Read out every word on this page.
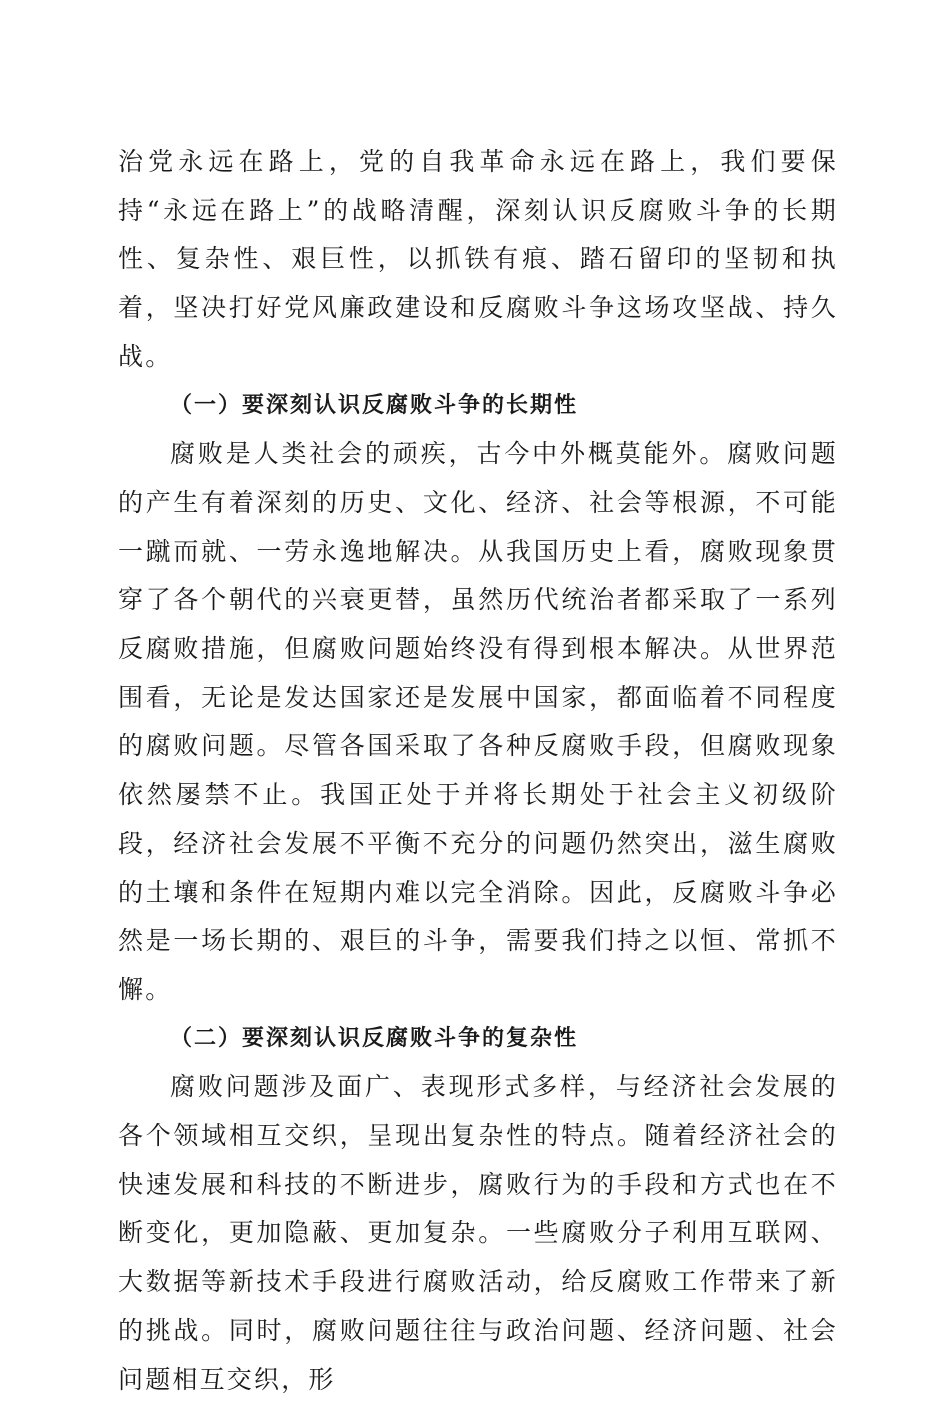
治党永远在路上，党的自我革命永远在路上，我们要保持“永远在路上”的战略清醒，深刻认识反腐败斗争的长期性、复杂性、艰巨性，以抓铁有痕、踏石留印的坚韧和执着，坚决打好党风廉政建设和反腐败斗争这场攻坚战、持久战。

（一）要深刻认识反腐败斗争的长期性

腐败是人类社会的顽疾，古今中外概莫能外。腐败问题的产生有着深刻的历史、文化、经济、社会等根源，不可能一蹴而就、一劳永逸地解决。从我国历史上看，腐败现象贯穿了各个朝代的兴衰更替，虽然历代统治者都采取了一系列反腐败措施，但腐败问题始终没有得到根本解决。从世界范围看，无论是发达国家还是发展中国家，都面临着不同程度的腐败问题。尽管各国采取了各种反腐败手段，但腐败现象依然屡禁不止。我国正处于并将长期处于社会主义初级阶段，经济社会发展不平衡不充分的问题仍然突出，滋生腐败的土壤和条件在短期内难以完全消除。因此，反腐败斗争必然是一场长期的、艰巨的斗争，需要我们持之以恒、常抓不懈。

（二）要深刻认识反腐败斗争的复杂性

腐败问题涉及面广、表现形式多样，与经济社会发展的各个领域相互交织，呈现出复杂性的特点。随着经济社会的快速发展和科技的不断进步，腐败行为的手段和方式也在不断变化，更加隐蔽、更加复杂。一些腐败分子利用互联网、大数据等新技术手段进行腐败活动，给反腐败工作带来了新的挑战。同时，腐败问题往往与政治问题、经济问题、社会问题相互交织，形
